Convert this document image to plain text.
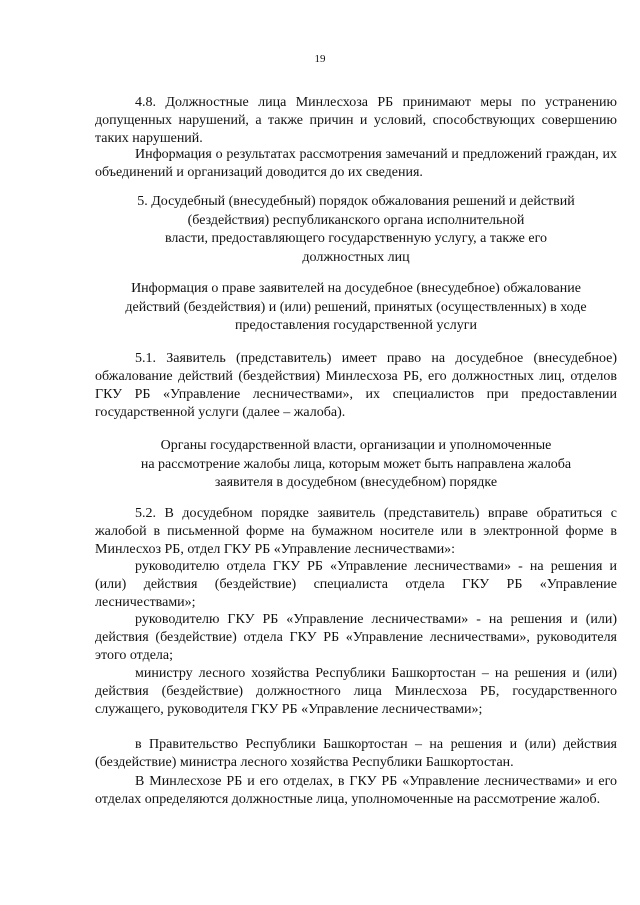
19

4.8. Должностные лица Минлесхоза РБ принимают меры по устранению допущенных нарушений, а также причин и условий, способствующих совершению таких нарушений.

Информация о результатах рассмотрения замечаний и предложений граждан, их объединений и организаций доводится до их сведения.

5. Досудебный (внесудебный) порядок обжалования решений и действий
(бездействия) республиканского органа исполнительной
власти, предоставляющего государственную услугу, а также его
должностных лиц
Информация о праве заявителей на досудебное (внесудебное) обжалование
действий (бездействия) и (или) решений, принятых (осуществленных) в ходе
предоставления государственной услуги

5.1. Заявитель (представитель) имеет право на досудебное (внесудебное) обжалование действий (бездействия) Минлесхоза РБ, его должностных лиц, отделов ГКУ РБ «Управление лесничествами», их специалистов при предоставлении государственной услуги (далее – жалоба).

Органы государственной власти, организации и уполномоченные
на рассмотрение жалобы лица, которым может быть направлена жалоба
заявителя в досудебном (внесудебном) порядке

5.2. В досудебном порядке заявитель (представитель) вправе обратиться с жалобой в письменной форме на бумажном носителе или в электронной форме в Минлесхоз РБ, отдел ГКУ РБ «Управление лесничествами»:

руководителю отдела ГКУ РБ «Управление лесничествами» - на решения и (или) действия (бездействие) специалиста отдела ГКУ РБ «Управление лесничествами»;

руководителю ГКУ РБ «Управление лесничествами» - на решения и (или) действия (бездействие) отдела ГКУ РБ «Управление лесничествами», руководителя этого отдела;

министру лесного хозяйства Республики Башкортостан – на решения и (или) действия (бездействие) должностного лица Минлесхоза РБ, государственного служащего, руководителя ГКУ РБ «Управление лесничествами»;

в Правительство Республики Башкортостан – на решения и (или) действия (бездействие) министра лесного хозяйства Республики Башкортостан.

В Минлесхозе РБ и его отделах, в ГКУ РБ «Управление лесничествами» и его отделах определяются должностные лица, уполномоченные на рассмотрение жалоб.
